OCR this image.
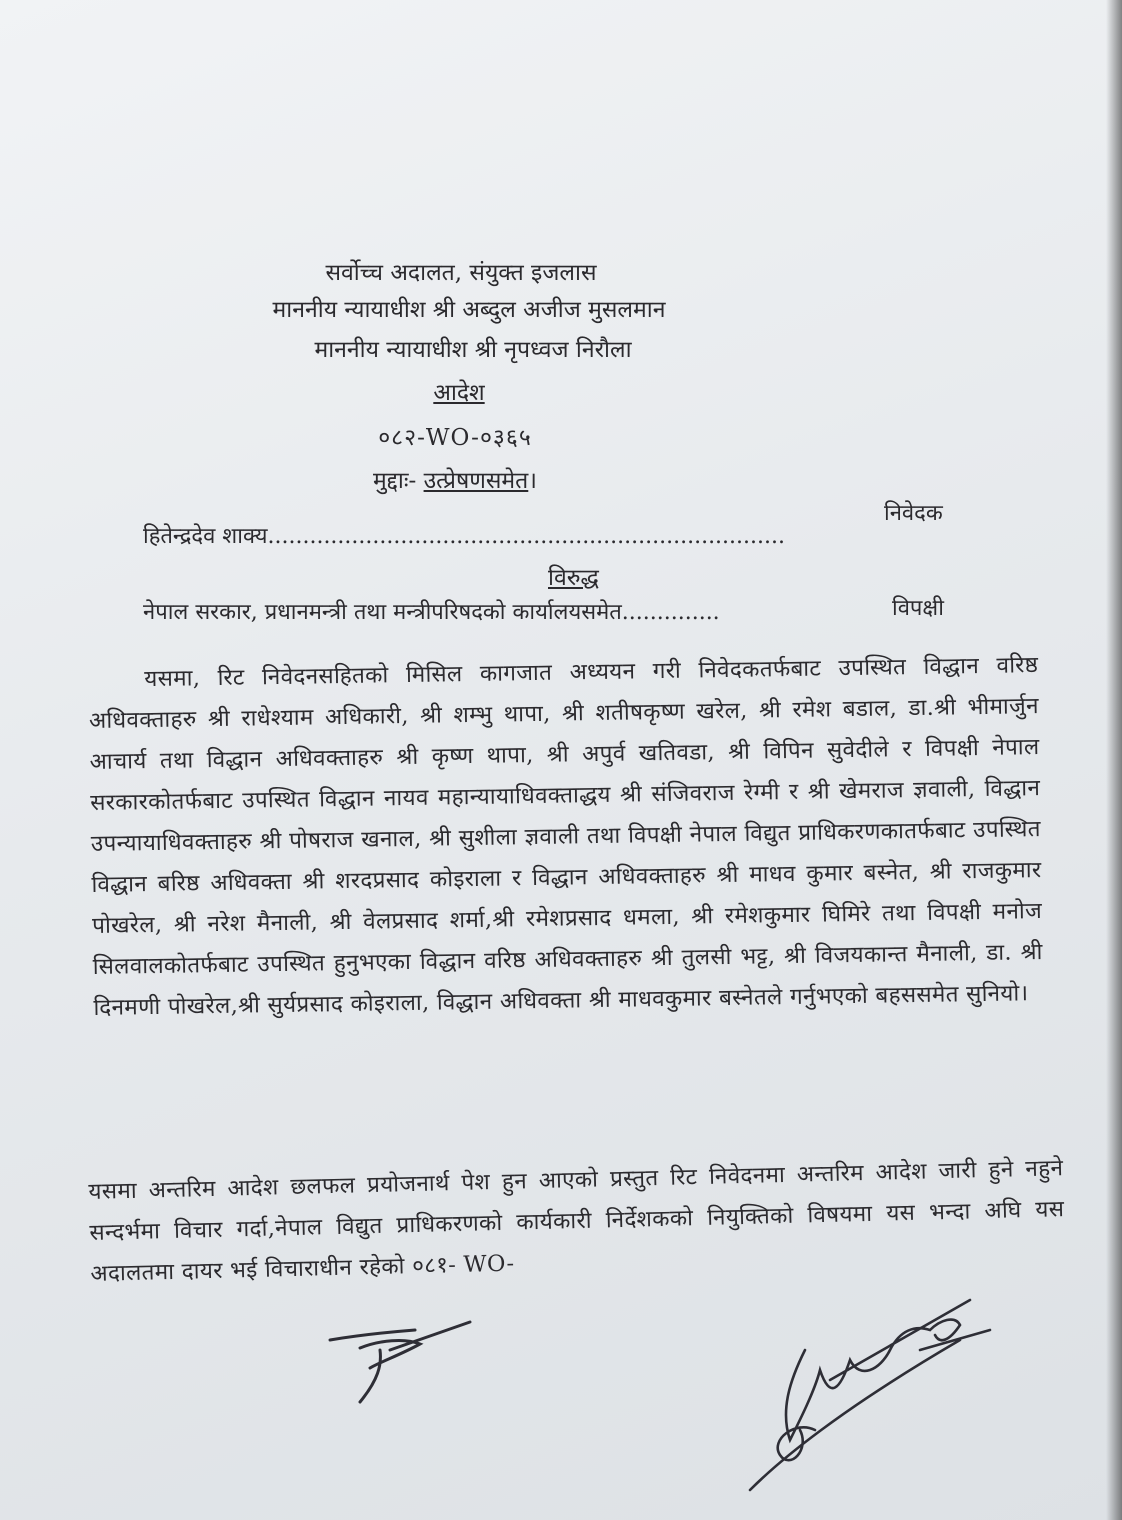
सर्वोच्च अदालत, संयुक्त इजलास
माननीय न्यायाधीश श्री अब्दुल अजीज मुसलमान
माननीय न्यायाधीश श्री नृपध्वज निरौला
आदेश
०८२-WO-०३६५
मुद्दाः- उत्प्रेषणसमेत।
हितेन्द्रदेव शाक्य..........................................................................
निवेदक
विरुद्ध
नेपाल सरकार, प्रधानमन्त्री तथा मन्त्रीपरिषदको कार्यालयसमेत..............	विपक्षी
यसमा, रिट निवेदनसहितको मिसिल कागजात अध्ययन गरी निवेदकतर्फबाट उपस्थित विद्धान वरिष्ठ अधिवक्ताहरु श्री राधेश्याम अधिकारी, श्री शम्भु थापा, श्री शतीषकृष्ण खरेल, श्री रमेश बडाल, डा.श्री भीमार्जुन आचार्य तथा विद्धान अधिवक्ताहरु श्री कृष्ण थापा, श्री अपुर्व खतिवडा, श्री विपिन सुवेदीले र विपक्षी नेपाल सरकारकोतर्फबाट उपस्थित विद्धान नायव महान्यायाधिवक्ताद्धय श्री संजिवराज रेग्मी र श्री खेमराज ज्ञवाली, विद्धान उपन्यायाधिवक्ताहरु श्री पोषराज खनाल, श्री सुशीला ज्ञवाली तथा विपक्षी नेपाल विद्युत प्राधिकरणकातर्फबाट उपस्थित विद्धान बरिष्ठ अधिवक्ता श्री शरदप्रसाद कोइराला र विद्धान अधिवक्ताहरु श्री माधव कुमार बस्नेत, श्री राजकुमार पोखरेल, श्री नरेश मैनाली, श्री वेलप्रसाद शर्मा,श्री रमेशप्रसाद धमला, श्री रमेशकुमार घिमिरे तथा विपक्षी मनोज सिलवालकोतर्फबाट उपस्थित हुनुभएका विद्धान वरिष्ठ अधिवक्ताहरु श्री तुलसी भट्ट, श्री विजयकान्त मैनाली, डा. श्री दिनमणी पोखरेल,श्री सुर्यप्रसाद कोइराला, विद्धान अधिवक्ता श्री माधवकुमार बस्नेतले गर्नुभएको बहससमेत सुनियो।
यसमा अन्तरिम आदेश छलफल प्रयोजनार्थ पेश हुन आएको प्रस्तुत रिट निवेदनमा अन्तरिम आदेश जारी हुने नहुने सन्दर्भमा विचार गर्दा,नेपाल विद्युत प्राधिकरणको कार्यकारी निर्देशकको नियुक्तिको विषयमा यस भन्दा अघि यस अदालतमा दायर भई विचाराधीन रहेको ०८१- WO-
